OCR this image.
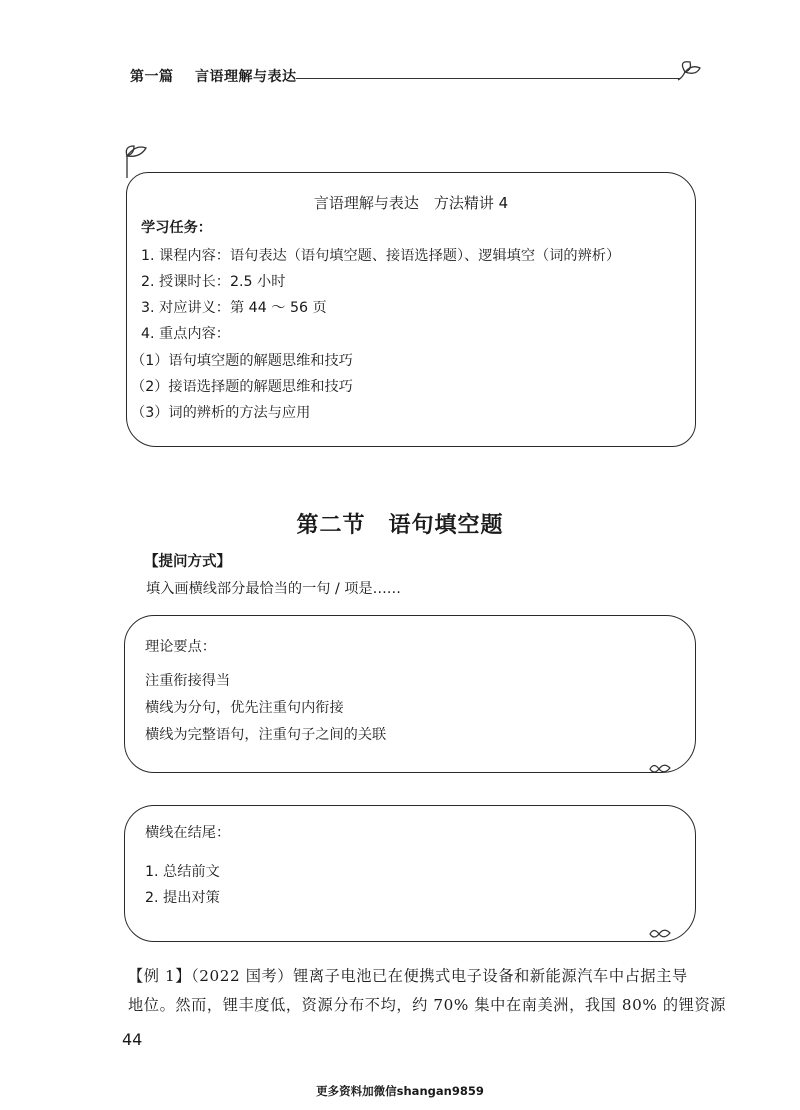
第一篇 言语理解与表达
言语理解与表达　方法精讲 4
学习任务：
1. 课程内容：语句表达（语句填空题、接语选择题）、逻辑填空（词的辨析）
2. 授课时长：2.5 小时
3. 对应讲义：第 44 ～ 56 页
4. 重点内容：
（1）语句填空题的解题思维和技巧
（2）接语选择题的解题思维和技巧
（3）词的辨析的方法与应用
第二节　语句填空题
【提问方式】
填入画横线部分最恰当的一句 / 项是……
理论要点：
注重衔接得当
横线为分句，优先注重句内衔接
横线为完整语句，注重句子之间的关联
横线在结尾：
1. 总结前文
2. 提出对策
【例 1】（2022 国考）锂离子电池已在便携式电子设备和新能源汽车中占据主导
地位。然而，锂丰度低，资源分布不均，约 70% 集中在南美洲，我国 80% 的锂资源
44
更多资料加微信shangan9859
